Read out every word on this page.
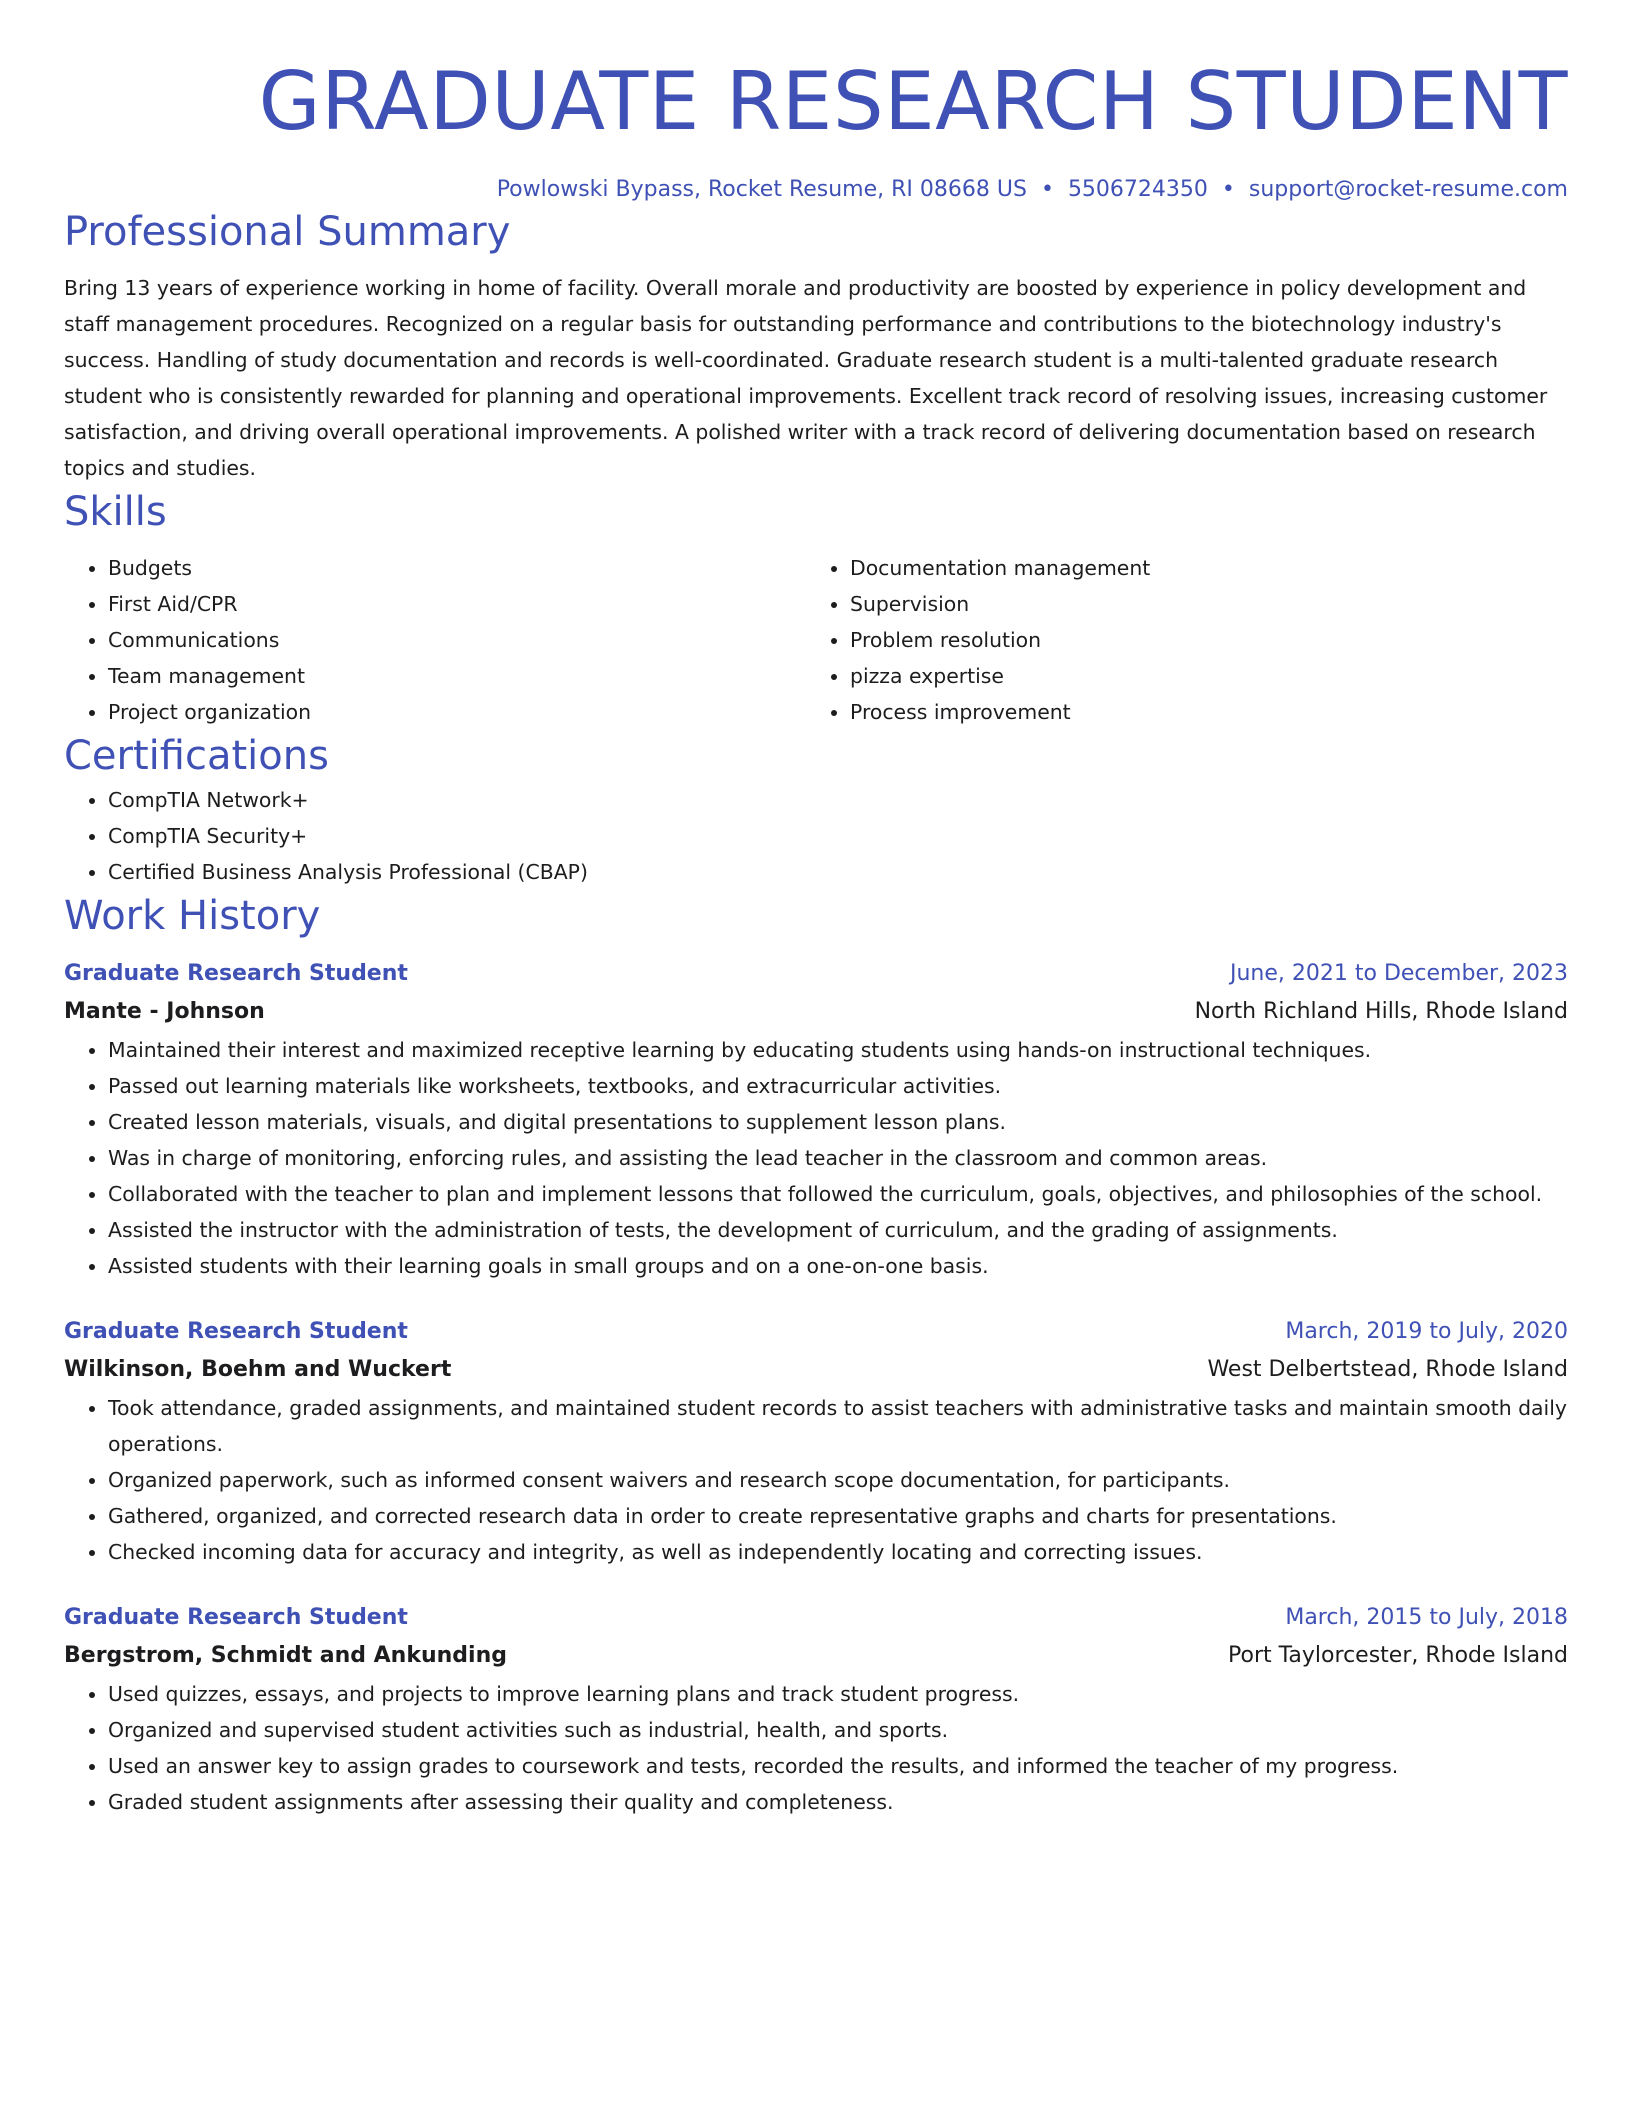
GRADUATE RESEARCH STUDENT
Powlowski Bypass, Rocket Resume, RI 08668 US • 5506724350 • support@rocket-resume.com
Professional Summary

Bring 13 years of experience working in home of facility. Overall morale and productivity are boosted by experience in policy development and staff management procedures. Recognized on a regular basis for outstanding performance and contributions to the biotechnology industry's success. Handling of study documentation and records is well-coordinated. Graduate research student is a multi-talented graduate research student who is consistently rewarded for planning and operational improvements. Excellent track record of resolving issues, increasing customer satisfaction, and driving overall operational improvements. A polished writer with a track record of delivering documentation based on research topics and studies.

Skills
• Budgets
• First Aid/CPR
• Communications
• Team management
• Project organization
• Documentation management
• Supervision
• Problem resolution
• pizza expertise
• Process improvement
Certifications
• CompTIA Network+
• CompTIA Security+
• Certified Business Analysis Professional (CBAP)
Work History
Graduate Research Student	June, 2021 to December, 2023
Mante - Johnson	North Richland Hills, Rhode Island
• Maintained their interest and maximized receptive learning by educating students using hands-on instructional techniques.
• Passed out learning materials like worksheets, textbooks, and extracurricular activities.
• Created lesson materials, visuals, and digital presentations to supplement lesson plans.
• Was in charge of monitoring, enforcing rules, and assisting the lead teacher in the classroom and common areas.
• Collaborated with the teacher to plan and implement lessons that followed the curriculum, goals, objectives, and philosophies of the school.
• Assisted the instructor with the administration of tests, the development of curriculum, and the grading of assignments.
• Assisted students with their learning goals in small groups and on a one-on-one basis.
Graduate Research Student	March, 2019 to July, 2020
Wilkinson, Boehm and Wuckert	West Delbertstead, Rhode Island
• Took attendance, graded assignments, and maintained student records to assist teachers with administrative tasks and maintain smooth daily operations.
• Organized paperwork, such as informed consent waivers and research scope documentation, for participants.
• Gathered, organized, and corrected research data in order to create representative graphs and charts for presentations.
• Checked incoming data for accuracy and integrity, as well as independently locating and correcting issues.
Graduate Research Student	March, 2015 to July, 2018
Bergstrom, Schmidt and Ankunding	Port Taylorcester, Rhode Island
• Used quizzes, essays, and projects to improve learning plans and track student progress.
• Organized and supervised student activities such as industrial, health, and sports.
• Used an answer key to assign grades to coursework and tests, recorded the results, and informed the teacher of my progress.
• Graded student assignments after assessing their quality and completeness.
